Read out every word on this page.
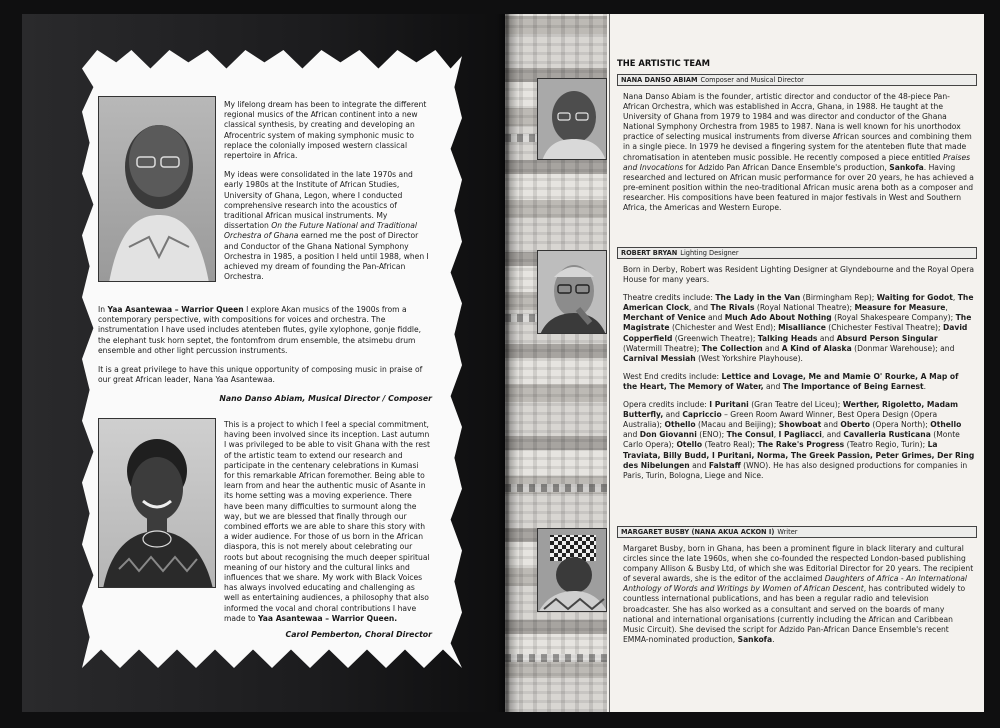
My lifelong dream has been to integrate the different regional musics of the African continent into a new classical synthesis, by creating and developing an Afrocentric system of making symphonic music to replace the colonially imposed western classical repertoire in Africa.

My ideas were consolidated in the late 1970s and early 1980s at the Institute of African Studies, University of Ghana, Legon, where I conducted comprehensive research into the acoustics of traditional African musical instruments. My dissertation On the Future National and Traditional Orchestra of Ghana earned me the post of Director and Conductor of the Ghana National Symphony Orchestra in 1985, a position I held until 1988, when I achieved my dream of founding the Pan-African Orchestra.

In Yaa Asantewaa – Warrior Queen I explore Akan musics of the 1900s from a contemporary perspective, with compositions for voices and orchestra. The instrumentation I have used includes atenteben flutes, gyile xylophone, gonje fiddle, the elephant tusk horn septet, the fontomfrom drum ensemble, the atsimebu drum ensemble and other light percussion instruments.

It is a great privilege to have this unique opportunity of composing music in praise of our great African leader, Nana Yaa Asantewaa.

Nano Danso Abiam, Musical Director / Composer

This is a project to which I feel a special commitment, having been involved since its inception. Last autumn I was privileged to be able to visit Ghana with the rest of the artistic team to extend our research and participate in the centenary celebrations in Kumasi for this remarkable African foremother. Being able to learn from and hear the authentic music of Asante in its home setting was a moving experience. There have been many difficulties to surmount along the way, but we are blessed that finally through our combined efforts we are able to share this story with a wider audience. For those of us born in the African diaspora, this is not merely about celebrating our roots but about recognising the much deeper spiritual meaning of our history and the cultural links and influences that we share. My work with Black Voices has always involved educating and challenging as well as entertaining audiences, a philosophy that also informed the vocal and choral contributions I have made to Yaa Asantewaa – Warrior Queen.

Carol Pemberton, Choral Director

THE ARTISTIC TEAM
NANA DANSO ABIAM Composer and Musical Director

Nana Danso Abiam is the founder, artistic director and conductor of the 48-piece Pan-African Orchestra, which was established in Accra, Ghana, in 1988. He taught at the University of Ghana from 1979 to 1984 and was director and conductor of the Ghana National Symphony Orchestra from 1985 to 1987. Nana is well known for his unorthodox practice of selecting musical instruments from diverse African sources and combining them in a single piece. In 1979 he devised a fingering system for the atenteben flute that made chromatisation in atenteben music possible. He recently composed a piece entitled Praises and Invocations for Adzido Pan African Dance Ensemble's production, Sankofa. Having researched and lectured on African music performance for over 20 years, he has achieved a pre-eminent position within the neo-traditional African music arena both as a composer and researcher. His compositions have been featured in major festivals in West and Southern Africa, the Americas and Western Europe.

ROBERT BRYAN Lighting Designer

Born in Derby, Robert was Resident Lighting Designer at Glyndebourne and the Royal Opera House for many years.

Theatre credits include: The Lady in the Van (Birmingham Rep); Waiting for Godot, The American Clock, and The Rivals (Royal National Theatre); Measure for Measure, Merchant of Venice and Much Ado About Nothing (Royal Shakespeare Company); The Magistrate (Chichester and West End); Misalliance (Chichester Festival Theatre); David Copperfield (Greenwich Theatre); Talking Heads and Absurd Person Singular (Watermill Theatre); The Collection and A Kind of Alaska (Donmar Warehouse); and Carnival Messiah (West Yorkshire Playhouse).

West End credits include: Lettice and Lovage, Me and Mamie O' Rourke, A Map of the Heart, The Memory of Water, and The Importance of Being Earnest.

Opera credits include: I Puritani (Gran Teatre del Liceu); Werther, Rigoletto, Madam Butterfly, and Capriccio – Green Room Award Winner, Best Opera Design (Opera Australia); Othello (Macau and Beijing); Showboat and Oberto (Opera North); Othello and Don Giovanni (ENO); The Consul, I Pagliacci, and Cavalleria Rusticana (Monte Carlo Opera); Otello (Teatro Real); The Rake's Progress (Teatro Regio, Turin); La Traviata, Billy Budd, I Puritani, Norma, The Greek Passion, Peter Grimes, Der Ring des Nibelungen and Falstaff (WNO). He has also designed productions for companies in Paris, Turin, Bologna, Liege and Nice.

MARGARET BUSBY (NANA AKUA ACKON I) Writer

Margaret Busby, born in Ghana, has been a prominent figure in black literary and cultural circles since the late 1960s, when she co-founded the respected London-based publishing company Allison & Busby Ltd, of which she was Editorial Director for 20 years. The recipient of several awards, she is the editor of the acclaimed Daughters of Africa - An International Anthology of Words and Writings by Women of African Descent, has contributed widely to countless international publications, and has been a regular radio and television broadcaster. She has also worked as a consultant and served on the boards of many national and international organisations (currently including the African and Caribbean Music Circuit). She devised the script for Adzido Pan-African Dance Ensemble's recent EMMA-nominated production, Sankofa.
